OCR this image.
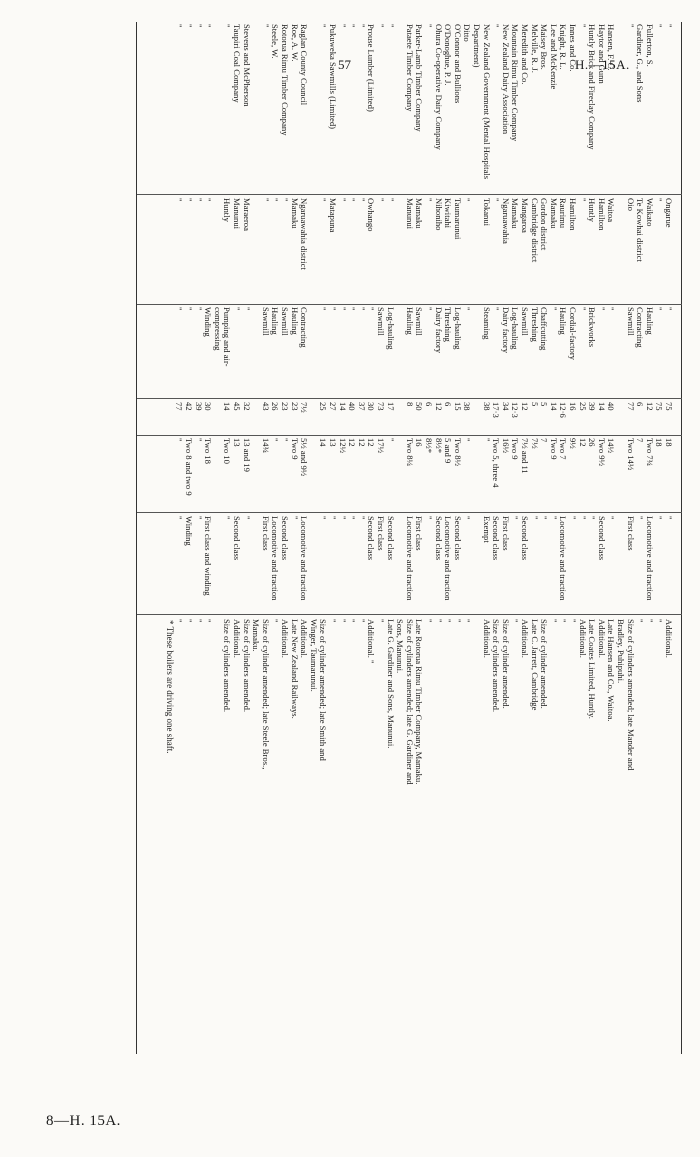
57	H.—15A.
"
Ongarue
"
75
18
"
Additional.
"
"
"
75
18
"
"
Fullerton, S.
Waikato
Hauling
12
Two 7¾
Locomotive and traction
"
Gardiner, G., and Sons
Te Kowhai district
Contracting
6
7
"
"
"
Oio
Sawmill
77
Two 14½
First class
Size of cylinders amended; late Mander and
Bradley, Puhipuhi.
Hansen, F. C.
Waitoa
"
40
14½
"
Late Hansen and Co., Waitoa.
Haytor and Gunn
Hamilton
"
14
Two 9½
Second class
Additional.
Huntly Brick and Fireclay Company
Huntly
Brickworks
39
26
"
Late Coates Limited, Huntly.
"
"
"
25
12
"
Additional.
Innes and Co.
Hamilton
Cordial-factory
16
9½
"
"
Knight, R. L.
Raurimu
Hauling
12·6
Two 7
Locomotive and traction
"
Lee and McKenzie
Mamaku
"
14
Two 9
"
"
Maisey Bros.
Gordon district
Chaffcutting
5
7
"
Size of cylinder amended.
Melville, R. J.
Cambridge district
Threshing
5
7½
"
Late C. Jarrett, Cambridge
Meredith and Co.
Mangaroa
Sawmill
12
7½ and 11
Second class
Additional.
Mountain Rimu Timber Company
Mamaku
Log-hauling
12·3
Two 9
"
"
New Zealand Dairy Association
Ngaruawahia
Dairy factory
34
16½
First class
Size of cylinder amended.
"
"
"
17·3
Two 5, three 4
Second class
Size of cylinders amended.
New Zealand Government (Mental Hospitals
Tokanui
Steaming
38
"
Exempt
Additional.
Department)
Ditto
"
"
38
"
"
"
O'Connor and Bullions
Taumarunui
Log-hauling
15
Two 8½
Second class
"
O'Donoghue, P. J.
Kiwitahi
Threshing
6
5 and 9
Locomotive and traction
"
Ohura Co-operative Dairy Company
Nihoniho
Dairy factory
12
8½*
Second class
"
"
"
"
6
8½*
"
"
Parker-Lamb Timber Company
Mamaku
Sawmill
50
16
First class
Late Rotorua Rimu Timber Company, Mamaku.
Pataete Timber Company
Manunui
Hauling
8
Two 8¼
Locomotive and traction
Size of cylinders amended; late G. Gardiner and
Sons, Manunui.
"
"
Log-hauling
17
"
Second class
Late G. Gardiner and Sons, Manunui.
"
"
Sawmill
73
17½
First class
"
Prouse Lumber (Limited)
Owhango
"
30
12
Second class
Additional. "
"
"
"
37
12
"
"
"
"
"
40
12
"
"
"
"
"
14
12½
"
"
Pukuweka Sawmills (Limited)
Matapuna
"
27
13
"
"
"
"
"
25
14
"
Size of cylinder amended; late Smith and
Winger, Taumarunui.
Raglan County Council
Ngaruawahia district
Contracting
7½
5½ and 9½
Locomotive and traction
Additional.
Roe, A. W.
Mamaku
Hauling
23
Two 9
"
Late New Zealand Railways.
Rotorua Rimu Timber Company
"
Sawmill
23
"
Second class
Additional.
Steele, W.
"
Hauling
26
"
Locomotive and traction
"
"
"
Sawmill
43
14¾
First class
Size of cylinder amended; late Steele Bros.,
Mamaku.
Stevens and McPherson
Maraeroa
"
32
13 and 19
"
Size of cylinders amended.
Taupiri Coal Company
Manunui
"
45
13
Second class
Additional.
"
Huntly
Pumping and air-
14
Two 10
"
Size of cylinders amended.
compressing
"
"
Winding
30
Two 18
First class and winding
"
"
"
"
39
"
"
"
"
"
"
42
Two 8 and two 9
Winding
"
"
"
"
77
"
"
"
* These boilers are driving one shaft.
8—H. 15A.
